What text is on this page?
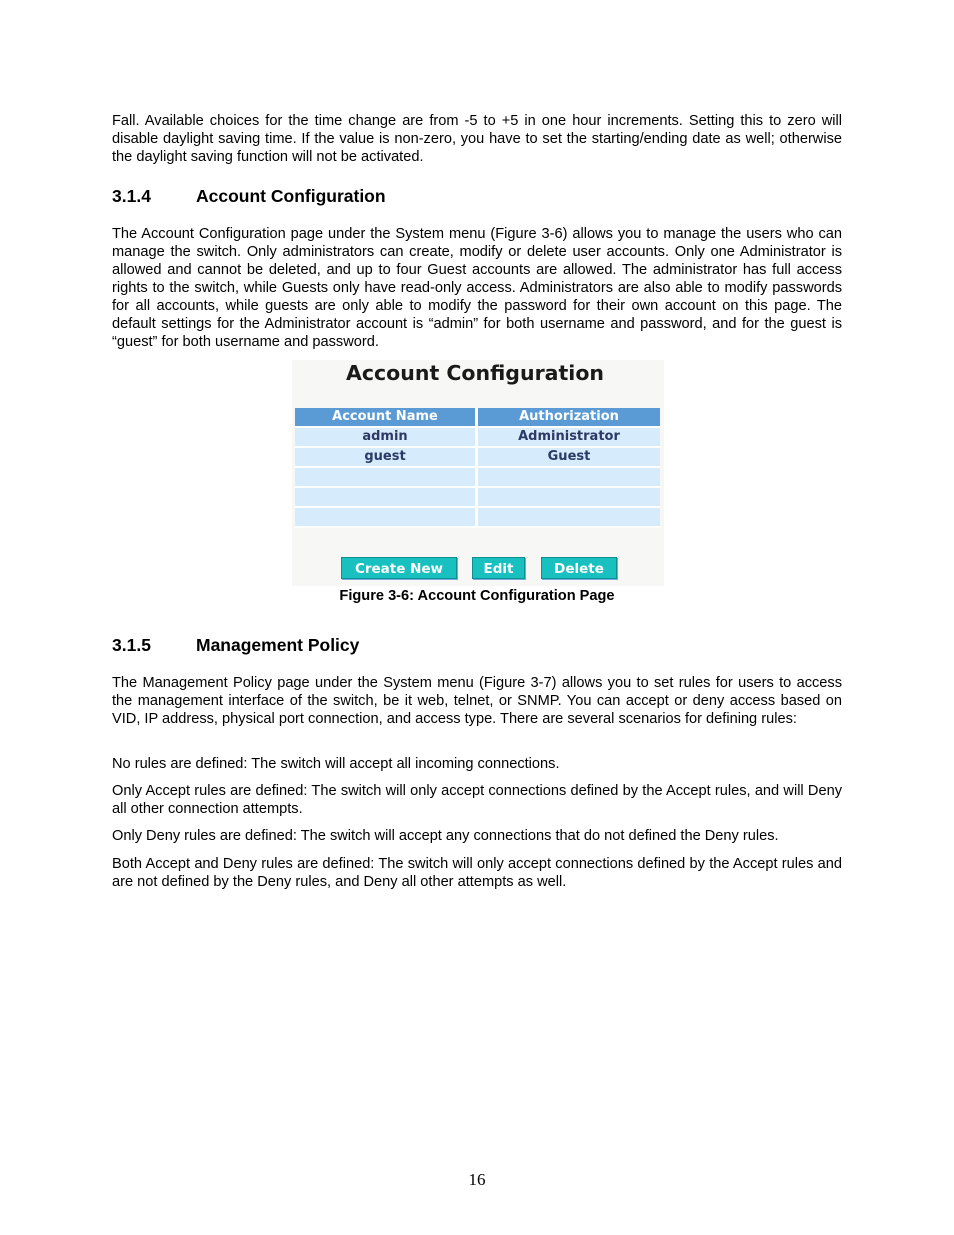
Fall. Available choices for the time change are from -5 to +5 in one hour increments. Setting this to zero will disable daylight saving time. If the value is non-zero, you have to set the starting/ending date as well; otherwise the daylight saving function will not be activated.

3.1.4	Account Configuration

The Account Configuration page under the System menu (Figure 3-6) allows you to manage the users who can manage the switch. Only administrators can create, modify or delete user accounts. Only one Administrator is allowed and cannot be deleted, and up to four Guest accounts are allowed. The administrator has full access rights to the switch, while Guests only have read-only access. Administrators are also able to modify passwords for all accounts, while guests are only able to modify the password for their own account on this page. The default settings for the Administrator account is “admin” for both username and password, and for the guest is “guest” for both username and password.

Account Configuration
Account Name	Authorization
admin	Administrator
guest	Guest

Create New	Edit	Delete
Figure 3-6: Account Configuration Page
3.1.5	Management Policy

The Management Policy page under the System menu (Figure 3-7) allows you to set rules for users to access the management interface of the switch, be it web, telnet, or SNMP. You can accept or deny access based on VID, IP address, physical port connection, and access type. There are several scenarios for defining rules:

No rules are defined: The switch will accept all incoming connections.

Only Accept rules are defined: The switch will only accept connections defined by the Accept rules, and will Deny all other connection attempts.

Only Deny rules are defined: The switch will accept any connections that do not defined the Deny rules.

Both Accept and Deny rules are defined: The switch will only accept connections defined by the Accept rules and are not defined by the Deny rules, and Deny all other attempts as well.

16
